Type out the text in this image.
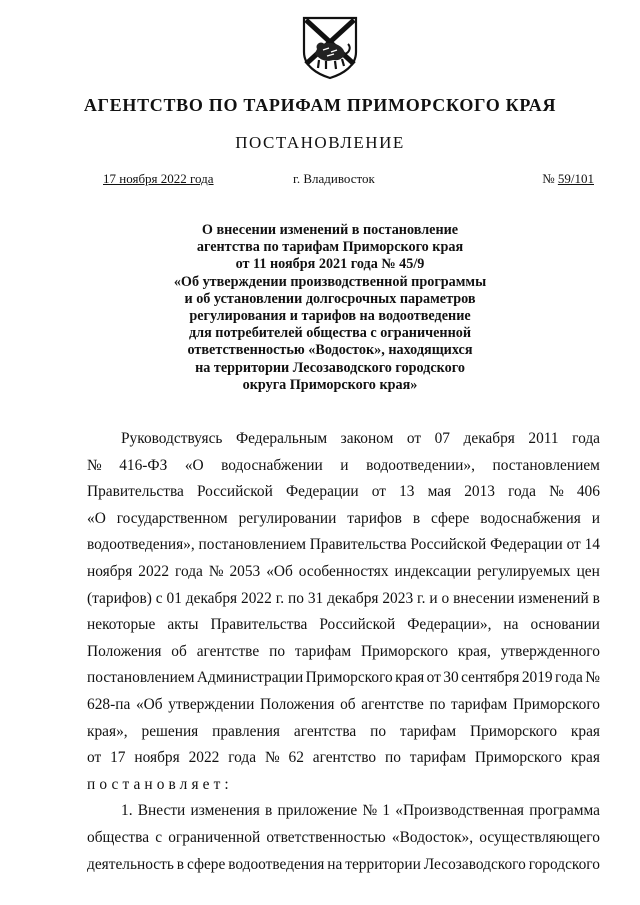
АГЕНТСТВО ПО ТАРИФАМ ПРИМОРСКОГО КРАЯ
ПОСТАНОВЛЕНИЕ
17 ноября 2022 года	г. Владивосток	№ 59/101
О внесении изменений в постановление
агентства по тарифам Приморского края
от 11 ноября 2021 года № 45/9
«Об утверждении производственной программы
и об установлении долгосрочных параметров
регулирования и тарифов на водоотведение
для потребителей общества с ограниченной
ответственностью «Водосток», находящихся
на территории Лесозаводского городского
округа Приморского края»
Руководствуясь Федеральным законом от 07 декабря 2011 года
№ 416-ФЗ «О водоснабжении и водоотведении», постановлением
Правительства Российской Федерации от 13 мая 2013 года № 406
«О государственном регулировании тарифов в сфере водоснабжения и
водоотведения», постановлением Правительства Российской Федерации от 14
ноября 2022 года № 2053 «Об особенностях индексации регулируемых цен
(тарифов) с 01 декабря 2022 г. по 31 декабря 2023 г. и о внесении изменений в
некоторые акты Правительства Российской Федерации», на основании
Положения об агентстве по тарифам Приморского края, утвержденного
постановлением Администрации Приморского края от 30 сентября 2019 года №
628-па «Об утверждении Положения об агентстве по тарифам Приморского
края», решения правления агентства по тарифам Приморского края
от 17 ноября 2022 года № 62 агентство по тарифам Приморского края
постановляет:
1. Внести изменения в приложение № 1 «Производственная программа
общества с ограниченной ответственностью «Водосток», осуществляющего
деятельность в сфере водоотведения на территории Лесозаводского городского
